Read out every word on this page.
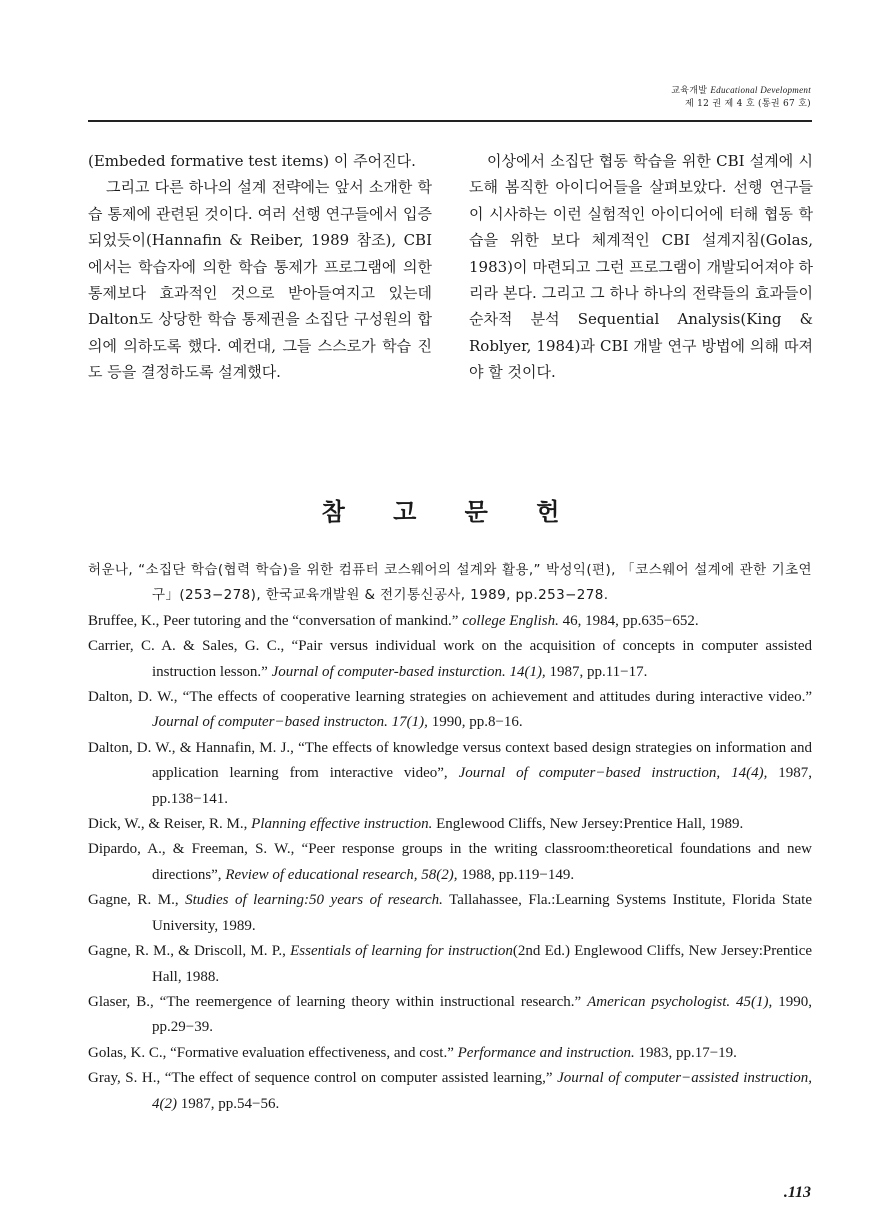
교육개발 Educational Development
제 12 권 제 4 호 (통권 67 호)

(Embeded formative test items) 이 주어진다.

그리고 다른 하나의 설계 전략에는 앞서 소개한 학습 통제에 관련된 것이다. 여러 선행 연구들에서 입증되었듯이(Hannafin & Reiber, 1989 참조), CBI에서는 학습자에 의한 학습 통제가 프로그램에 의한 통제보다 효과적인 것으로 받아들여지고 있는데 Dalton도 상당한 학습 통제권을 소집단 구성원의 합의에 의하도록 했다. 예컨대, 그들 스스로가 학습 진도 등을 결정하도록 설계했다.

이상에서 소집단 협동 학습을 위한 CBI 설계에 시도해 봄직한 아이디어들을 살펴보았다. 선행 연구들이 시사하는 이런 실험적인 아이디어에 터해 협동 학습을 위한 보다 체계적인 CBI 설계지침(Golas, 1983)이 마련되고 그런 프로그램이 개발되어져야 하리라 본다. 그리고 그 하나 하나의 전략들의 효과들이 순차적 분석 Sequential Analysis(King & Roblyer, 1984)과 CBI 개발 연구 방법에 의해 따져야 할 것이다.

참 고 문 헌

허운나, “소집단 학습(협력 학습)을 위한 컴퓨터 코스웨어의 설계와 활용,” 박성익(편), 「코스웨어 설계에 관한 기초연구」(253−278), 한국교육개발원 & 전기통신공사, 1989, pp.253−278.

Bruffee, K., Peer tutoring and the “conversation of mankind.” college English. 46, 1984, pp.635−652.

Carrier, C. A. & Sales, G. C., “Pair versus individual work on the acquisition of concepts in computer assisted instruction lesson.” Journal of computer-based insturction. 14(1), 1987, pp.11−17.

Dalton, D. W., “The effects of cooperative learning strategies on achievement and attitudes during interactive video.” Journal of computer−based instructon. 17(1), 1990, pp.8−16.

Dalton, D. W., & Hannafin, M. J., “The effects of knowledge versus context based design strategies on information and application learning from interactive video”, Journal of computer−based instruction, 14(4), 1987, pp.138−141.

Dick, W., & Reiser, R. M., Planning effective instruction. Englewood Cliffs, New Jersey:Prentice Hall, 1989.

Dipardo, A., & Freeman, S. W., “Peer response groups in the writing classroom:theoretical foundations and new directions”, Review of educational research, 58(2), 1988, pp.119−149.

Gagne, R. M., Studies of learning:50 years of research. Tallahassee, Fla.:Learning Systems Institute, Florida State University, 1989.

Gagne, R. M., & Driscoll, M. P., Essentials of learning for instruction(2nd Ed.) Englewood Cliffs, New Jersey:Prentice Hall, 1988.

Glaser, B., “The reemergence of learning theory within instructional research.” American psychologist. 45(1), 1990, pp.29−39.

Golas, K. C., “Formative evaluation effectiveness, and cost.” Performance and instruction. 1983, pp.17−19.

Gray, S. H., “The effect of sequence control on computer assisted learning,” Journal of computer−assisted instruction, 4(2) 1987, pp.54−56.

.113
